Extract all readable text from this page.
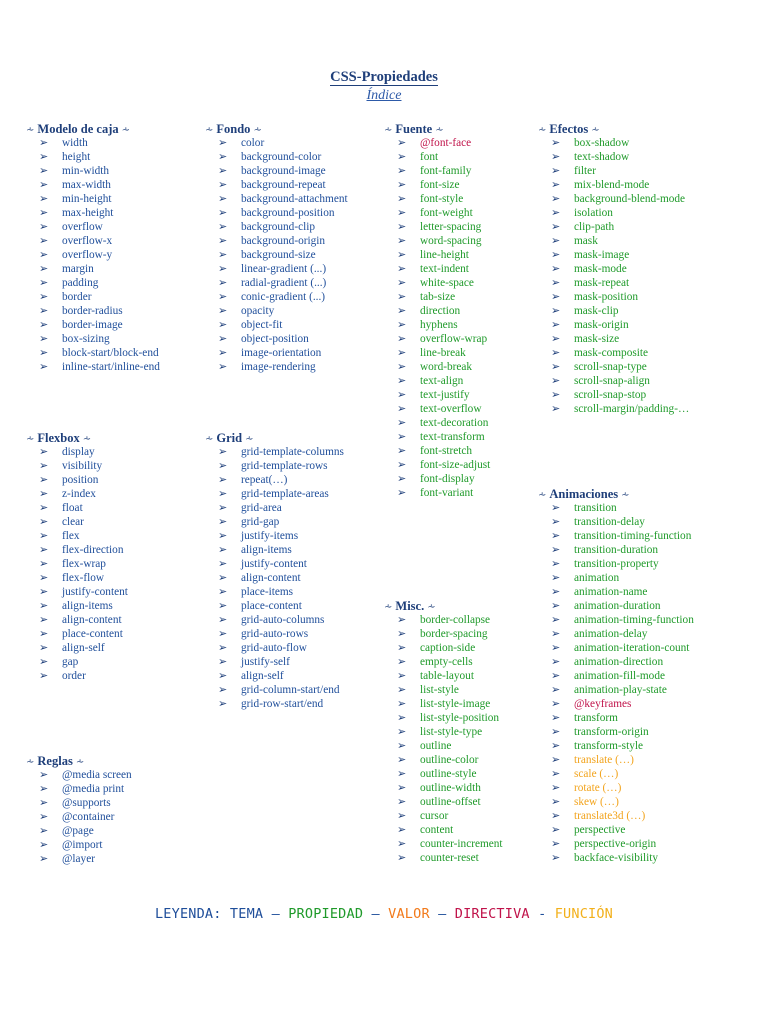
CSS-Propiedades
Índice
⩪ Modelo de caja ⩪
➢ width
➢ height
➢ min-width
➢ max-width
➢ min-height
➢ max-height
➢ overflow
➢ overflow-x
➢ overflow-y
➢ margin
➢ padding
➢ border
➢ border-radius
➢ border-image
➢ box-sizing
➢ block-start/block-end
➢ inline-start/inline-end
⩪ Fondo ⩪
➢ color
➢ background-color
➢ background-image
➢ background-repeat
➢ background-attachment
➢ background-position
➢ background-clip
➢ background-origin
➢ background-size
➢ linear-gradient (...)
➢ radial-gradient (...)
➢ conic-gradient (...)
➢ opacity
➢ object-fit
➢ object-position
➢ image-orientation
➢ image-rendering
⩪ Fuente ⩪
➢ @font-face
➢ font
➢ font-family
➢ font-size
➢ font-style
➢ font-weight
➢ letter-spacing
➢ word-spacing
➢ line-height
➢ text-indent
➢ white-space
➢ tab-size
➢ direction
➢ hyphens
➢ overflow-wrap
➢ line-break
➢ word-break
➢ text-align
➢ text-justify
➢ text-overflow
➢ text-decoration
➢ text-transform
➢ font-stretch
➢ font-size-adjust
➢ font-display
➢ font-variant
⩪ Efectos ⩪
➢ box-shadow
➢ text-shadow
➢ filter
➢ mix-blend-mode
➢ background-blend-mode
➢ isolation
➢ clip-path
➢ mask
➢ mask-image
➢ mask-mode
➢ mask-repeat
➢ mask-position
➢ mask-clip
➢ mask-origin
➢ mask-size
➢ mask-composite
➢ scroll-snap-type
➢ scroll-snap-align
➢ scroll-snap-stop
➢ scroll-margin/padding-…
⩪ Flexbox ⩪
➢ display
➢ visibility
➢ position
➢ z-index
➢ float
➢ clear
➢ flex
➢ flex-direction
➢ flex-wrap
➢ flex-flow
➢ justify-content
➢ align-items
➢ align-content
➢ place-content
➢ align-self
➢ gap
➢ order
⩪ Grid ⩪
➢ grid-template-columns
➢ grid-template-rows
➢ repeat(…)
➢ grid-template-areas
➢ grid-area
➢ grid-gap
➢ justify-items
➢ align-items
➢ justify-content
➢ align-content
➢ place-items
➢ place-content
➢ grid-auto-columns
➢ grid-auto-rows
➢ grid-auto-flow
➢ justify-self
➢ align-self
➢ grid-column-start/end
➢ grid-row-start/end
⩪ Animaciones ⩪
➢ transition
➢ transition-delay
➢ transition-timing-function
➢ transition-duration
➢ transition-property
➢ animation
➢ animation-name
➢ animation-duration
➢ animation-timing-function
➢ animation-delay
➢ animation-iteration-count
➢ animation-direction
➢ animation-fill-mode
➢ animation-play-state
➢ @keyframes
➢ transform
➢ transform-origin
➢ transform-style
➢ translate (…)
➢ scale (…)
➢ rotate (…)
➢ skew (…)
➢ translate3d (…)
➢ perspective
➢ perspective-origin
➢ backface-visibility
⩪ Misc. ⩪
➢ border-collapse
➢ border-spacing
➢ caption-side
➢ empty-cells
➢ table-layout
➢ list-style
➢ list-style-image
➢ list-style-position
➢ list-style-type
➢ outline
➢ outline-color
➢ outline-style
➢ outline-width
➢ outline-offset
➢ cursor
➢ content
➢ counter-increment
➢ counter-reset
⩪ Reglas ⩪
➢ @media screen
➢ @media print
➢ @supports
➢ @container
➢ @page
➢ @import
➢ @layer
LEYENDA: TEMA – PROPIEDAD – VALOR – DIRECTIVA - FUNCIÓN
